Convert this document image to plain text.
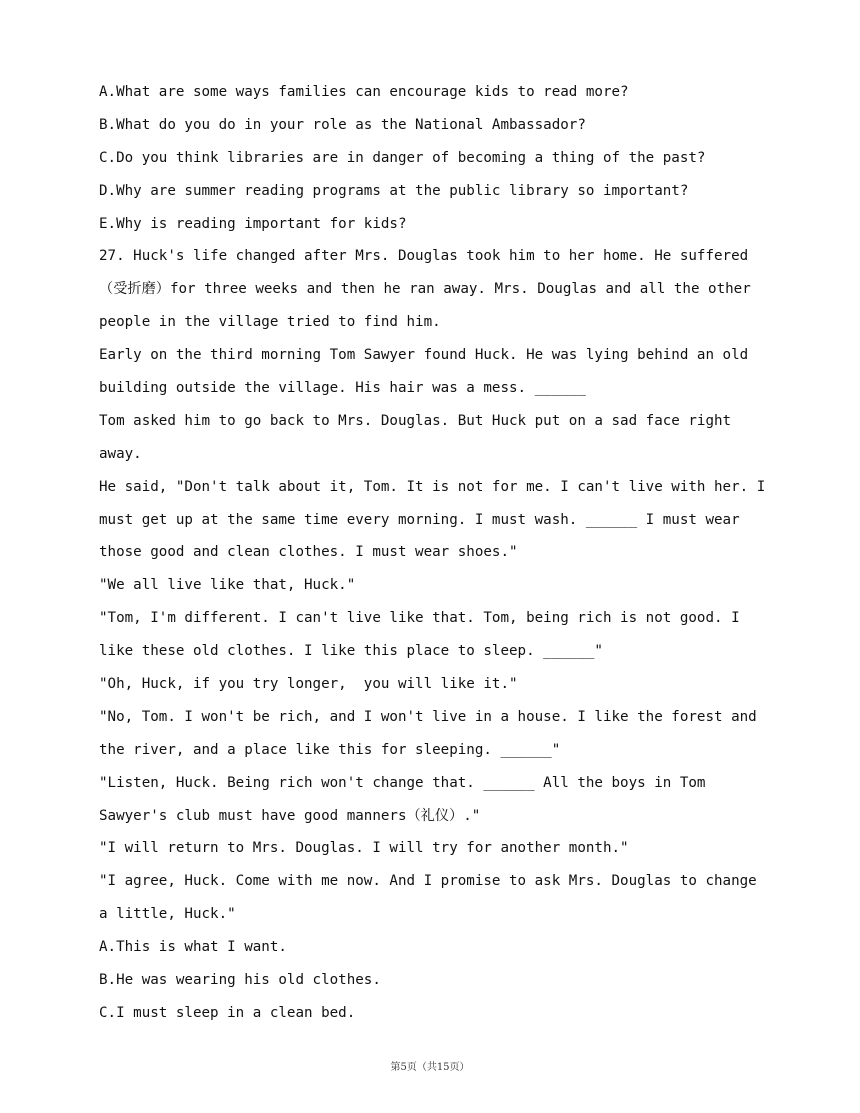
A.What are some ways families can encourage kids to read more?
B.What do you do in your role as the National Ambassador?
C.Do you think libraries are in danger of becoming a thing of the past?
D.Why are summer reading programs at the public library so important?
E.Why is reading important for kids?
27. Huck's life changed after Mrs. Douglas took him to her home. He suffered
（受折磨）for three weeks and then he ran away. Mrs. Douglas and all the other
people in the village tried to find him.
Early on the third morning Tom Sawyer found Huck. He was lying behind an old
building outside the village. His hair was a mess. ______
Tom asked him to go back to Mrs. Douglas. But Huck put on a sad face right
away.
He said, "Don't talk about it, Tom. It is not for me. I can't live with her. I
must get up at the same time every morning. I must wash. ______ I must wear
those good and clean clothes. I must wear shoes."
"We all live like that, Huck."
"Tom, I'm different. I can't live like that. Tom, being rich is not good. I
like these old clothes. I like this place to sleep. ______"
"Oh, Huck, if you try longer,  you will like it."
"No, Tom. I won't be rich, and I won't live in a house. I like the forest and
the river, and a place like this for sleeping. ______"
"Listen, Huck. Being rich won't change that. ______ All the boys in Tom
Sawyer's club must have good manners（礼仪）."
"I will return to Mrs. Douglas. I will try for another month."
"I agree, Huck. Come with me now. And I promise to ask Mrs. Douglas to change
a little, Huck."
A.This is what I want.
B.He was wearing his old clothes.
C.I must sleep in a clean bed.
第5页（共15页）
